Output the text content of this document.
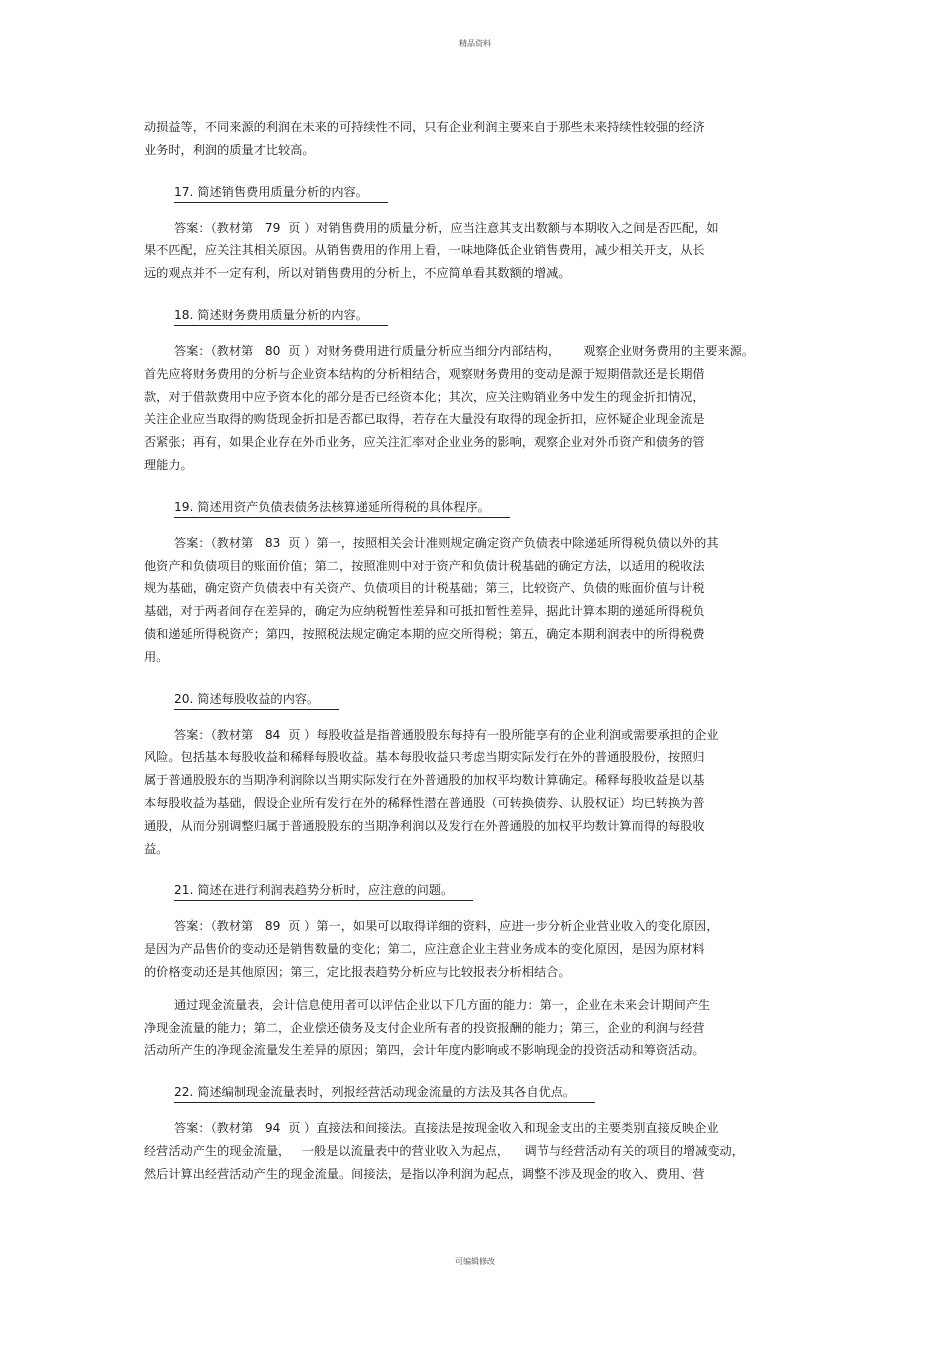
精品资料
动损益等，不同来源的利润在未来的可持续性不同，只有企业利润主要来自于那些未来持续性较强的经济
业务时，利润的质量才比较高。
17. 简述销售费用质量分析的内容。
答案：（教材第   79  页 ）对销售费用的质量分析，应当注意其支出数额与本期收入之间是否匹配，如
果不匹配，应关注其相关原因。从销售费用的作用上看，一味地降低企业销售费用，减少相关开支，从长
远的观点并不一定有利，所以对销售费用的分析上，不应简单看其数额的增减。
18. 简述财务费用质量分析的内容。
答案：（教材第   80  页 ）对财务费用进行质量分析应当细分内部结构，      观察企业财务费用的主要来源。
首先应将财务费用的分析与企业资本结构的分析相结合，观察财务费用的变动是源于短期借款还是长期借
款，对于借款费用中应予资本化的部分是否已经资本化；其次，应关注购销业务中发生的现金折扣情况，
关注企业应当取得的购货现金折扣是否都已取得，若存在大量没有取得的现金折扣，应怀疑企业现金流是
否紧张；再有，如果企业存在外币业务，应关注汇率对企业业务的影响，观察企业对外币资产和债务的管
理能力。
19. 简述用资产负债表债务法核算递延所得税的具体程序。
答案：（教材第   83  页 ）第一，按照相关会计准则规定确定资产负债表中除递延所得税负债以外的其
他资产和负债项目的账面价值；第二，按照准则中对于资产和负债计税基础的确定方法，以适用的税收法
规为基础，确定资产负债表中有关资产、负债项目的计税基础；第三，比较资产、负债的账面价值与计税
基础，对于两者间存在差异的，确定为应纳税暂性差异和可抵扣暂性差异，据此计算本期的递延所得税负
债和递延所得税资产；第四，按照税法规定确定本期的应交所得税；第五，确定本期利润表中的所得税费
用。
20. 简述每股收益的内容。
答案：（教材第   84  页 ）每股收益是指普通股股东每持有一股所能享有的企业利润或需要承担的企业
风险。包括基本每股收益和稀释每股收益。基本每股收益只考虑当期实际发行在外的普通股股份，按照归
属于普通股股东的当期净利润除以当期实际发行在外普通股的加权平均数计算确定。稀释每股收益是以基
本每股收益为基础，假设企业所有发行在外的稀释性潜在普通股（可转换债券、认股权证）均已转换为普
通股，从而分别调整归属于普通股股东的当期净利润以及发行在外普通股的加权平均数计算而得的每股收
益。
21. 简述在进行利润表趋势分析时，应注意的问题。
答案：（教材第   89  页 ）第一，如果可以取得详细的资料，应进一步分析企业营业收入的变化原因，
是因为产品售价的变动还是销售数量的变化；第二，应注意企业主营业务成本的变化原因，是因为原材料
的价格变动还是其他原因；第三，定比报表趋势分析应与比较报表分析相结合。
通过现金流量表，会计信息使用者可以评估企业以下几方面的能力：第一，企业在未来会计期间产生
净现金流量的能力；第二，企业偿还债务及支付企业所有者的投资报酬的能力；第三，企业的利润与经营
活动所产生的净现金流量发生差异的原因；第四，会计年度内影响或不影响现金的投资活动和筹资活动。
22. 简述编制现金流量表时，列报经营活动现金流量的方法及其各自优点。
答案：（教材第   94  页 ）直接法和间接法。直接法是按现金收入和现金支出的主要类别直接反映企业
经营活动产生的现金流量，   一般是以流量表中的营业收入为起点，    调节与经营活动有关的项目的增减变动，
然后计算出经营活动产生的现金流量。间接法，是指以净利润为起点，调整不涉及现金的收入、费用、营
可编辑修改
